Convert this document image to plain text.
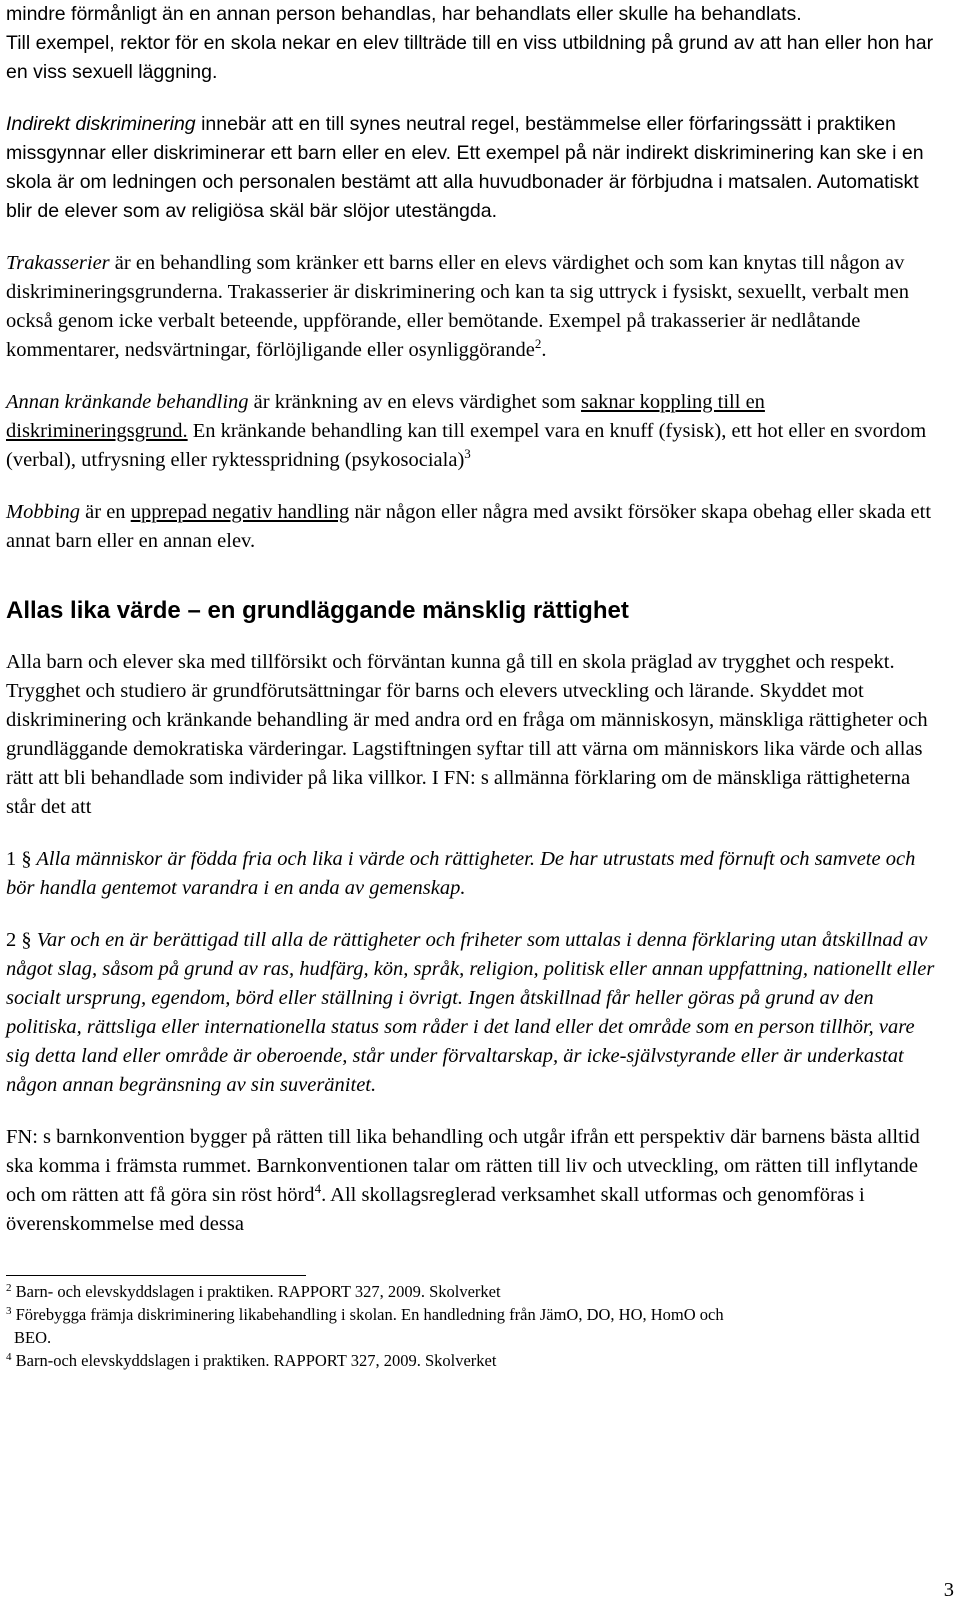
mindre förmånligt än en annan person behandlas, har behandlats eller skulle ha behandlats.

Till exempel, rektor för en skola nekar en elev tillträde till en viss utbildning på grund av att han eller hon har en viss sexuell läggning.

Indirekt diskriminering innebär att en till synes neutral regel, bestämmelse eller förfaringssätt i praktiken missgynnar eller diskriminerar ett barn eller en elev. Ett exempel på när indirekt diskriminering kan ske i en skola är om ledningen och personalen bestämt att alla huvudbonader är förbjudna i matsalen. Automatiskt blir de elever som av religiösa skäl bär slöjor utestängda.

Trakasserier är en behandling som kränker ett barns eller en elevs värdighet och som kan knytas till någon av diskrimineringsgrunderna. Trakasserier är diskriminering och kan ta sig uttryck i fysiskt, sexuellt, verbalt men också genom icke verbalt beteende, uppförande, eller bemötande. Exempel på trakasserier är nedlåtande kommentarer, nedsvärtningar, förlöjligande eller osynliggörande$^2$.

Annan kränkande behandling är kränkning av en elevs värdighet som saknar koppling till en diskrimineringsgrund. En kränkande behandling kan till exempel vara en knuff (fysisk), ett hot eller en svordom (verbal), utfrysning eller ryktesspridning (psykosociala)$^3$

Mobbing är en upprepad negativ handling när någon eller några med avsikt försöker skapa obehag eller skada ett annat barn eller en annan elev.

Allas lika värde – en grundläggande mänsklig rättighet

Alla barn och elever ska med tillförsikt och förväntan kunna gå till en skola präglad av trygghet och respekt. Trygghet och studiero är grundförutsättningar för barns och elevers utveckling och lärande. Skyddet mot diskriminering och kränkande behandling är med andra ord en fråga om människosyn, mänskliga rättigheter och grundläggande demokratiska värderingar. Lagstiftningen syftar till att värna om människors lika värde och allas rätt att bli behandlade som individer på lika villkor. I FN: s allmänna förklaring om de mänskliga rättigheterna står det att

1 § Alla människor är födda fria och lika i värde och rättigheter. De har utrustats med förnuft och samvete och bör handla gentemot varandra i en anda av gemenskap.

2 § Var och en är berättigad till alla de rättigheter och friheter som uttalas i denna förklaring utan åtskillnad av något slag, såsom på grund av ras, hudfärg, kön, språk, religion, politisk eller annan uppfattning, nationellt eller socialt ursprung, egendom, börd eller ställning i övrigt. Ingen åtskillnad får heller göras på grund av den politiska, rättsliga eller internationella status som råder i det land eller det område som en person tillhör, vare sig detta land eller område är oberoende, står under förvaltarskap, är icke-självstyrande eller är underkastat någon annan begränsning av sin suveränitet.

FN: s barnkonvention bygger på rätten till lika behandling och utgår ifrån ett perspektiv där barnens bästa alltid ska komma i främsta rummet. Barnkonventionen talar om rätten till liv och utveckling, om rätten till inflytande och om rätten att få göra sin röst hörd$^4$. All skollagsreglerad verksamhet skall utformas och genomföras i överenskommelse med dessa

$^2$ Barn- och elevskyddslagen i praktiken. RAPPORT 327, 2009. Skolverket

$^3$ Förebygga främja diskriminering likabehandling i skolan. En handledning från JämO, DO, HO, HomO och

BEO.

$^4$ Barn-och elevskyddslagen i praktiken. RAPPORT 327, 2009. Skolverket

3
